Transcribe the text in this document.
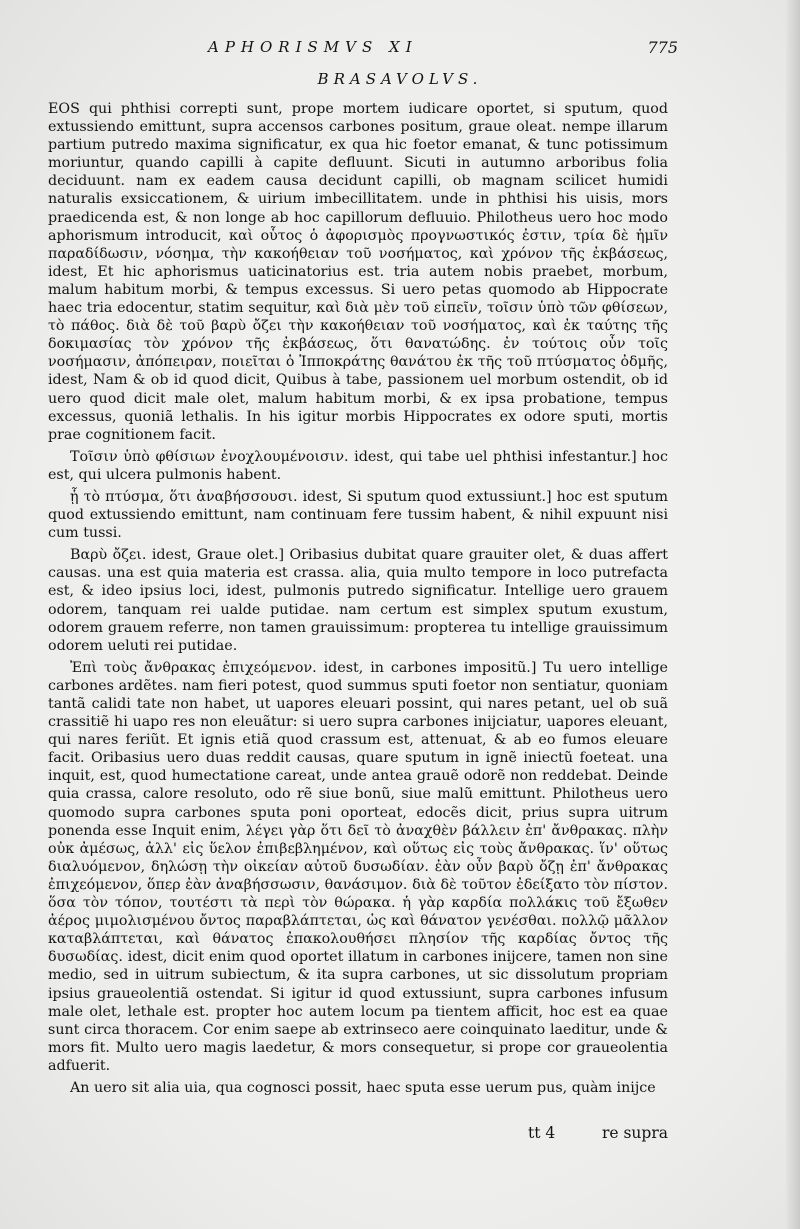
APHORISMVS XI	775
BRASAVOLVS.

EOS qui phthisi correpti sunt, prope mortem iudicare oportet, si sputum, quod extussiendo emittunt, supra accensos carbones positum, graue oleat. nempe illarum partium putredo maxima significatur, ex qua hic foetor emanat, & tunc potissimum moriuntur, quando capilli à capite defluunt. Sicuti in autumno arboribus folia deciduunt. nam ex eadem causa decidunt capilli, ob magnam scilicet humidi naturalis exsiccationem, & uirium imbecillitatem. unde in phthisi his uisis, mors praedicenda est, & non longe ab hoc capillorum defluuio. Philotheus uero hoc modo aphorismum introducit, καὶ οὗτος ὁ ἀφορισμὸς προγνωστικός ἐστιν, τρία δὲ ἡμῖν παραδίδωσιν, νόσημα, τὴν κακοήθειαν τοῦ νοσήματος, καὶ χρόνον τῆς ἐκβάσεως, idest, Et hic aphorismus uaticinatorius est. tria autem nobis praebet, morbum, malum habitum morbi, & tempus excessus. Si uero petas quomodo ab Hippocrate haec tria edocentur, statim sequitur, καὶ διὰ μὲν τοῦ εἰπεῖν, τοῖσιν ὑπὸ τῶν φθίσεων, τὸ πάθος. διὰ δὲ τοῦ βαρὺ ὄζει τὴν κακοήθειαν τοῦ νοσήματος, καὶ ἐκ ταύτης τῆς δοκιμασίας τὸν χρόνον τῆς ἐκβάσεως, ὅτι θανατώδης. ἐν τούτοις οὖν τοῖς νοσήμασιν, ἀπόπειραν, ποιεῖται ὁ Ἱπποκράτης θανάτου ἐκ τῆς τοῦ πτύσματος ὀδμῆς, idest, Nam & ob id quod dicit, Quibus à tabe, passionem uel morbum ostendit, ob id uero quod dicit male olet, malum habitum morbi, & ex ipsa probatione, tempus excessus, quoniã lethalis. In his igitur morbis Hippocrates ex odore sputi, mortis prae cognitionem facit.

Τοῖσιν ὑπὸ φθίσιων ἐνοχλουμένοισιν. idest, qui tabe uel phthisi infestantur.] hoc est, qui ulcera pulmonis habent.

ᾗ τὸ πτύσμα, ὅτι ἀναβήσσουσι. idest, Si sputum quod extussiunt.] hoc est sputum quod extussiendo emittunt, nam continuam fere tussim habent, & nihil expuunt nisi cum tussi.

Βαρὺ ὄζει. idest, Graue olet.] Oribasius dubitat quare grauiter olet, & duas affert causas. una est quia materia est crassa. alia, quia multo tempore in loco putrefacta est, & ideo ipsius loci, idest, pulmonis putredo significatur. Intellige uero grauem odorem, tanquam rei ualde putidae. nam certum est simplex sputum exustum, odorem grauem referre, non tamen grauissimum: propterea tu intellige grauissimum odorem ueluti rei putidae.

Ἐπὶ τοὺς ἄνθρακας ἐπιχεόμενον. idest, in carbones impositũ.] Tu uero intellige carbones ardẽtes. nam fieri potest, quod summus sputi foetor non sentiatur, quoniam tantã calidi tate non habet, ut uapores eleuari possint, qui nares petant, uel ob suã crassitiẽ hi uapo res non eleuãtur: si uero supra carbones inijciatur, uapores eleuant, qui nares feriũt. Et ignis etiã quod crassum est, attenuat, & ab eo fumos eleuare facit. Oribasius uero duas reddit causas, quare sputum in ignẽ iniectũ foeteat. una inquit, est, quod humectatione careat, unde antea grauẽ odorẽ non reddebat. Deinde quia crassa, calore resoluto, odo rẽ siue bonũ, siue malũ emittunt. Philotheus uero quomodo supra carbones sputa poni oporteat, edocẽs dicit, prius supra uitrum ponenda esse Inquit enim, λέγει γὰρ ὅτι δεῖ τὸ ἀναχθὲν βάλλειν ἐπ' ἄνθρακας. πλὴν οὐκ ἀμέσως, ἀλλ' εἰς ὕελον ἐπιβεβλημένον, καὶ οὕτως εἰς τοὺς ἄνθρακας. ἵν' οὕτως διαλυόμενον, δηλώσῃ τὴν οἰκείαν αὐτοῦ δυσωδίαν. ἐὰν οὖν βαρὺ ὄζῃ ἐπ' ἄνθρακας ἐπιχεόμενον, ὅπερ ἐὰν ἀναβήσσωσιν, θανάσιμον. διὰ δὲ τοῦτον ἐδείξατο τὸν πίστον. ὅσα τὸν τόπον, τουτέστι τὰ περὶ τὸν θώρακα. ἡ γὰρ καρδία πολλάκις τοῦ ἔξωθεν ἀέρος μιμολισμένου ὄντος παραβλάπτεται, ὡς καὶ θάνατον γενέσθαι. πολλῷ μᾶλλον καταβλάπτεται, καὶ θάνατος ἐπακολουθήσει πλησίον τῆς καρδίας ὄντος τῆς δυσωδίας. idest, dicit enim quod oportet illatum in carbones inijcere, tamen non sine medio, sed in uitrum subiectum, & ita supra carbones, ut sic dissolutum propriam ipsius graueolentiã ostendat. Si igitur id quod extussiunt, supra carbones infusum male olet, lethale est. propter hoc autem locum pa tientem afficit, hoc est ea quae sunt circa thoracem. Cor enim saepe ab extrinseco aere coinquinato laeditur, unde & mors fit. Multo uero magis laedetur, & mors consequetur, si prope cor graueolentia adfuerit.

An uero sit alia uia, qua cognosci possit, haec sputa esse uerum pus, quàm inijce

tt 4	re supra
